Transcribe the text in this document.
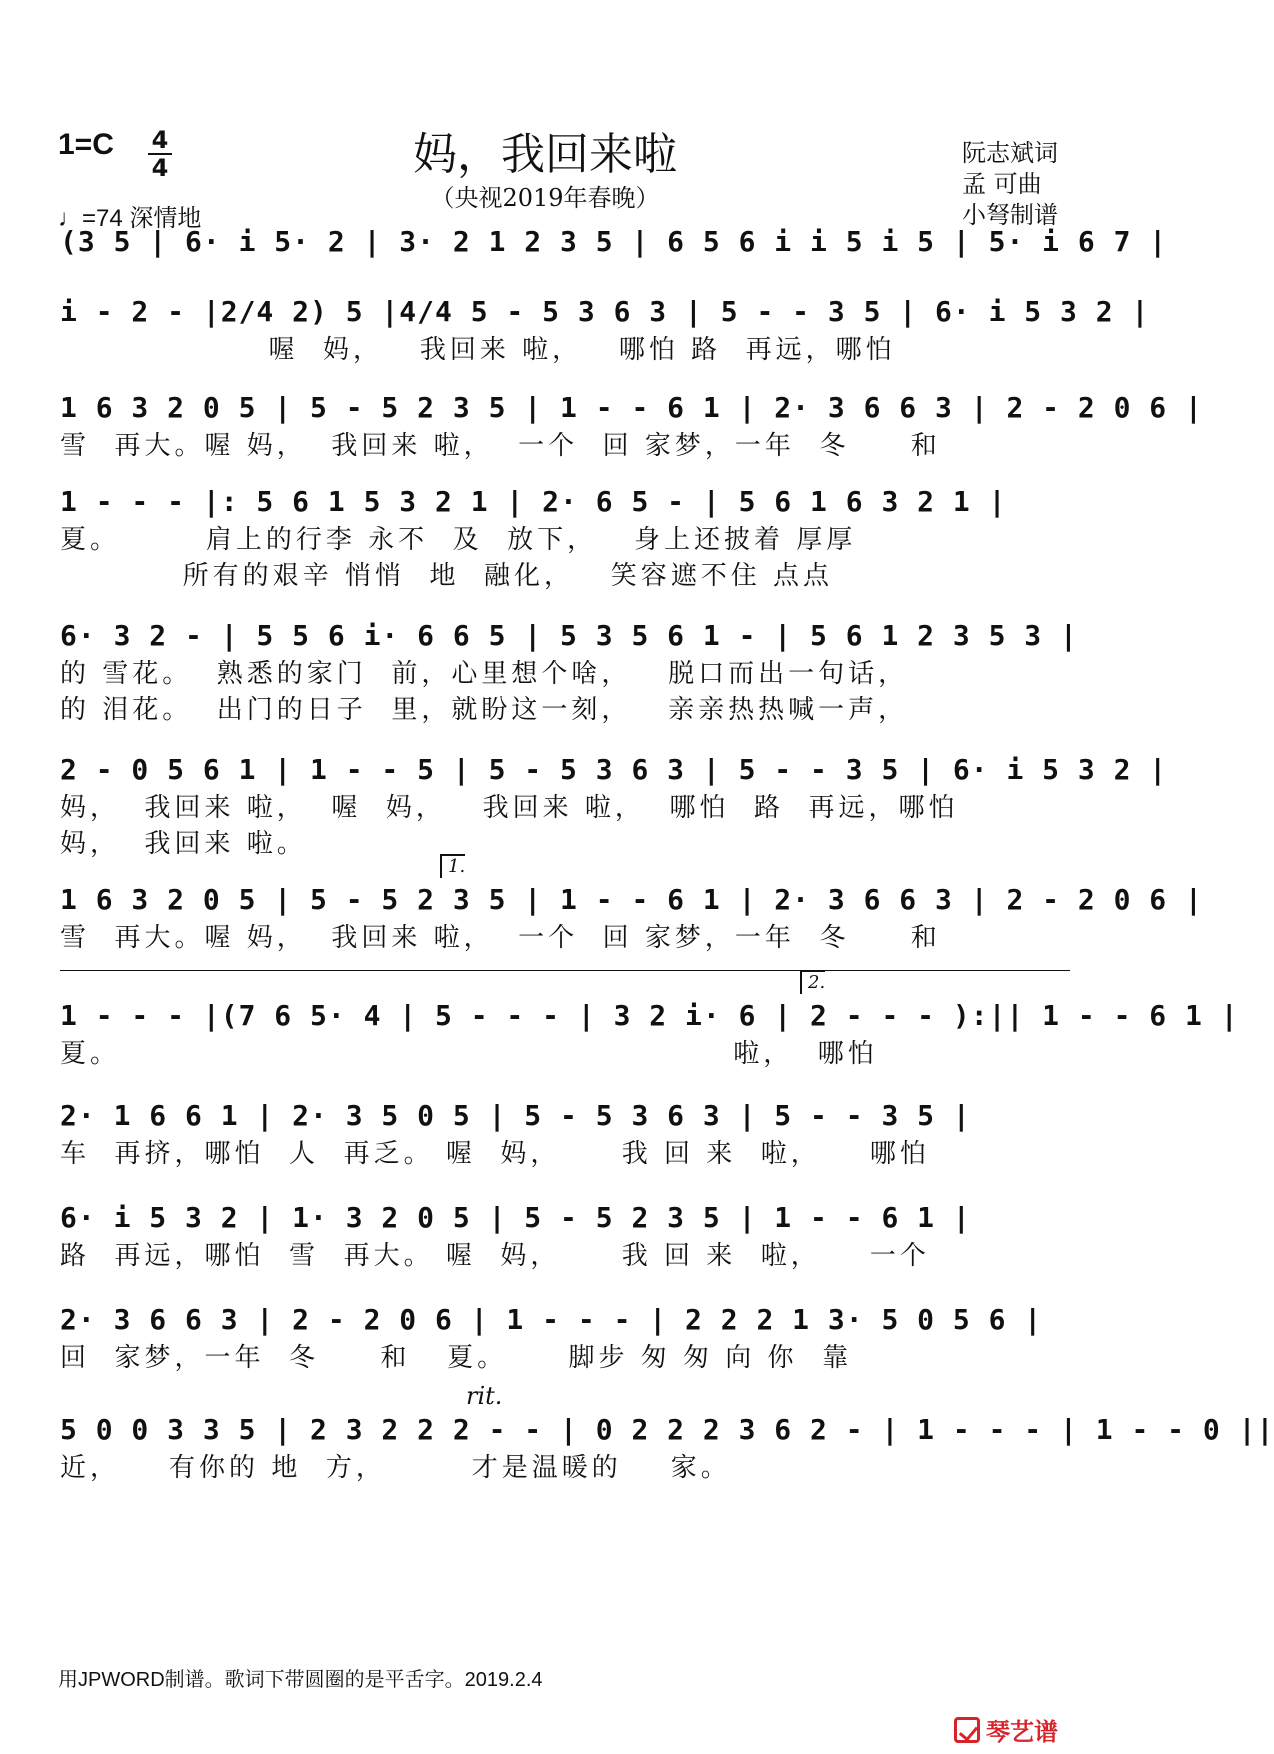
1=C 4
4
♩=74 深情地
妈，我回来啦
（央视2019年春晚）
阮志斌词
孟 可曲
小弩制谱
(3 5 | 6· i 5· 2 | 3· 2 1 2 3 5 | 6 5 6 i i 5 i 5 | 5· i 6 7 |
i - 2 - |2/4 2) 5 |4/4 5 - 5 3 6 3 | 5 - - 3 5 | 6· i 5 3 2 |
喔  妈，   我回来 啦，   哪怕 路  再远，哪怕
1 6 3 2 0 5 | 5 - 5 2 3 5 | 1 - - 6 1 | 2· 3 6 6 3 | 2 - 2 0 6 |
雪  再大。喔 妈，  我回来 啦，  一个  回 家梦，一年  冬     和
1 - - - |: 5 6 1 5 3 2 1 | 2· 6 5 - | 5 6 1 6 3 2 1 |
夏。       肩上的行李 永不  及  放下，   身上还披着 厚厚
所有的艰辛 悄悄  地  融化，   笑容遮不住 点点
6· 3 2 - | 5 5 6 i· 6 6 5 | 5 3 5 6 1 - | 5 6 1 2 3 5 3 |
的 雪花。  熟悉的家门  前，心里想个啥，   脱口而出一句话，
的 泪花。  出门的日子  里，就盼这一刻，   亲亲热热喊一声，
2 - 0 5 6 1 | 1 - - 5 | 5 - 5 3 6 3 | 5 - - 3 5 | 6· i 5 3 2 |
妈，  我回来 啦，  喔  妈，   我回来 啦，  哪怕  路  再远，哪怕
妈，  我回来 啦。
1 6 3 2 0 5 | 5 - 5 2 3 5 | 1 - - 6 1 | 2· 3 6 6 3 | 2 - 2 0 6 |
雪  再大。喔 妈，  我回来 啦，  一个  回 家梦，一年  冬     和
1.
1 - - - |(7 6 5· 4 | 5 - - - | 3 2 i· 6 | 2 - - - ):|| 1 - - 6 1 |
夏。                                                  啦，  哪怕
2.
2· 1 6 6 1 | 2· 3 5 0 5 | 5 - 5 3 6 3 | 5 - - 3 5 |
车  再挤，哪怕  人  再乏。 喔  妈，     我 回 来  啦，    哪怕
6· i 5 3 2 | 1· 3 2 0 5 | 5 - 5 2 3 5 | 1 - - 6 1 |
路  再远，哪怕  雪  再大。 喔  妈，     我 回 来  啦，    一个
2· 3 6 6 3 | 2 - 2 0 6 | 1 - - - | 2 2 2 1 3· 5 0 5 6 |
回  家梦，一年  冬     和   夏。     脚步 匆 匆 向 你  靠
5 0 0 3 3 5 | 2 3 2 2 2 - - | 0 2 2 2 3 6 2 - | 1 - - - | 1 - - 0 ||
近，    有你的 地  方，       才是温暖的    家。
rit.
用JPWORD制谱。歌词下带圆圈的是平舌字。2019.2.4
琴艺谱
